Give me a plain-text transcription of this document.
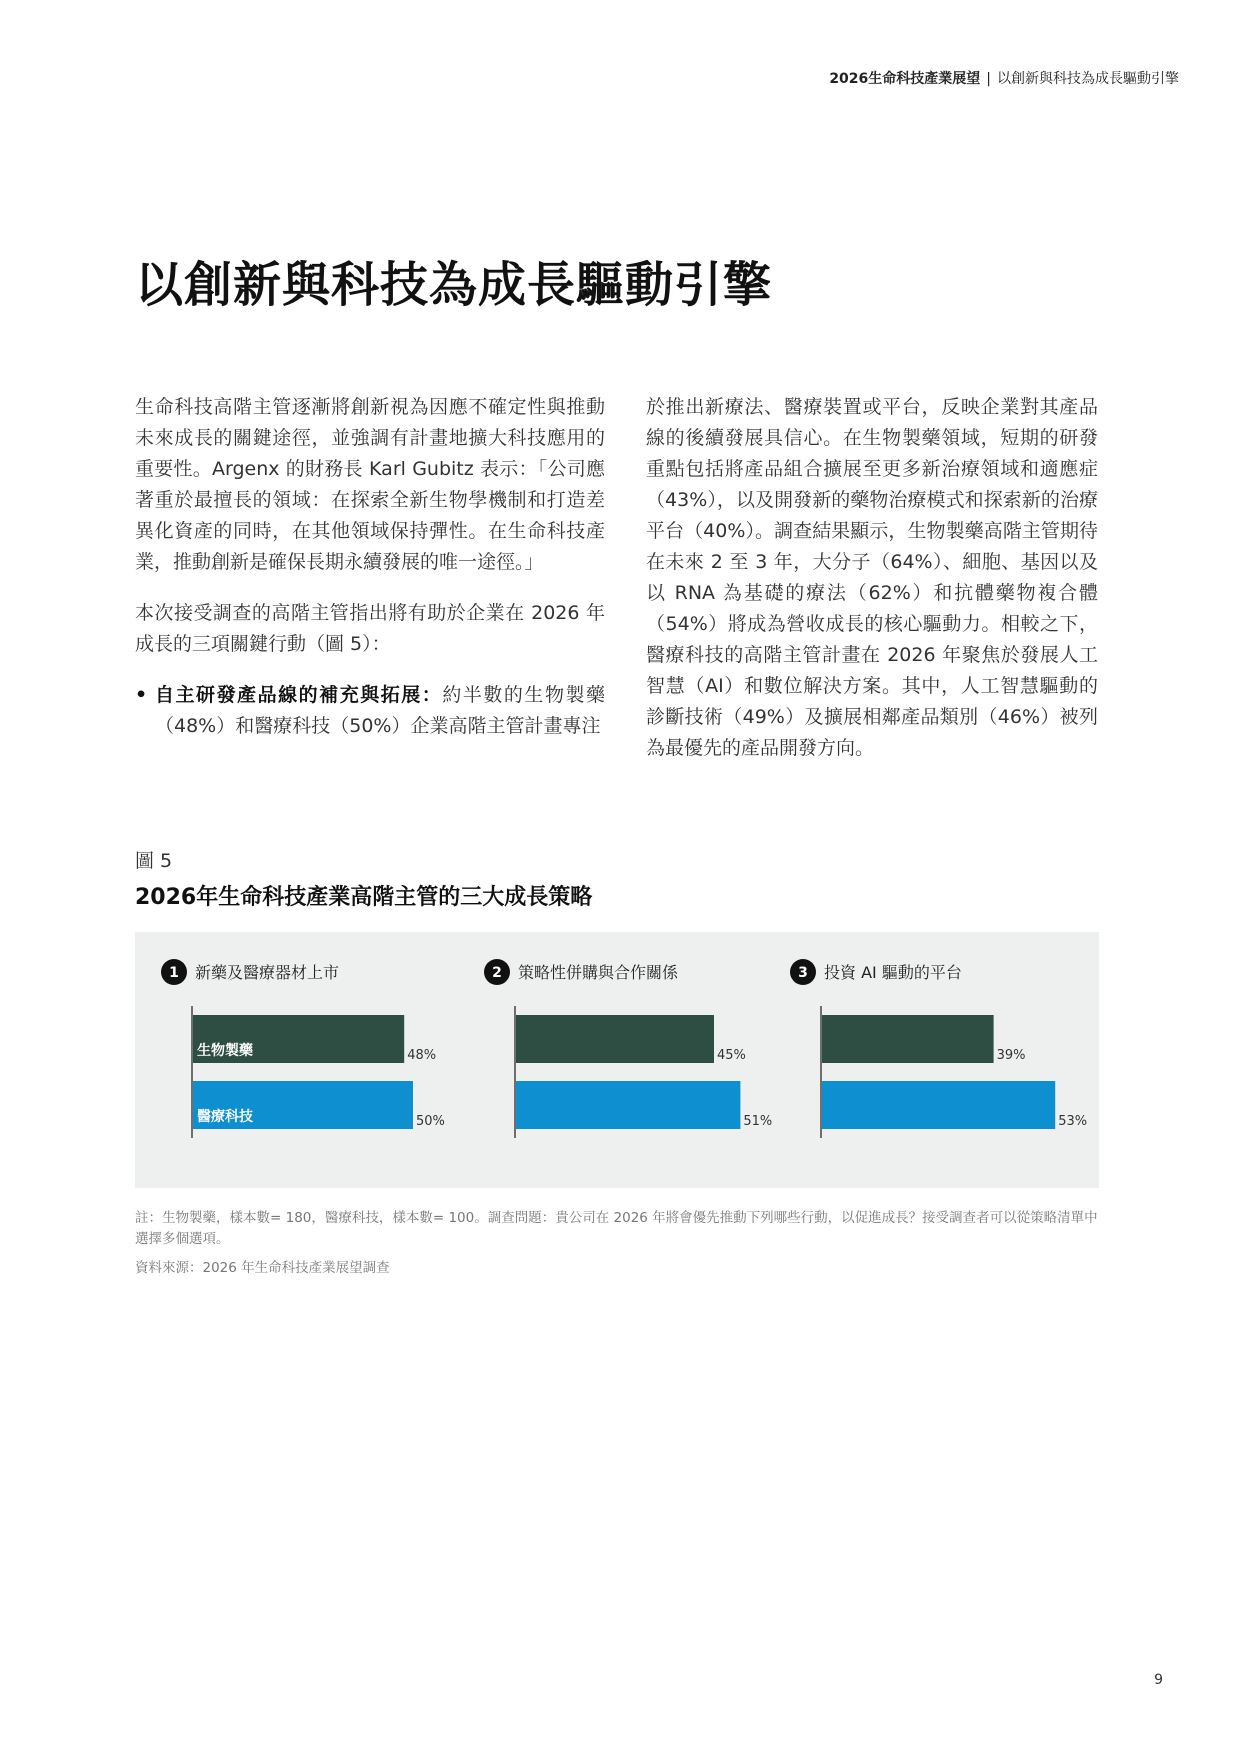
2026生命科技產業展望 | 以創新與科技為成長驅動引擎
以創新與科技為成長驅動引擎

生命科技高階主管逐漸將創新視為因應不確定性與推動未來成長的關鍵途徑，並強調有計畫地擴大科技應用的重要性。Argenx 的財務長 Karl Gubitz 表示：「公司應著重於最擅長的領域：在探索全新生物學機制和打造差異化資產的同時，在其他領域保持彈性。在生命科技產業，推動創新是確保長期永續發展的唯一途徑。」

本次接受調查的高階主管指出將有助於企業在 2026 年成長的三項關鍵行動（圖 5）：

• 自主研發產品線的補充與拓展：約半數的生物製藥（48%）和醫療科技（50%）企業高階主管計畫專注

於推出新療法、醫療裝置或平台，反映企業對其產品線的後續發展具信心。在生物製藥領域，短期的研發重點包括將產品組合擴展至更多新治療領域和適應症（43%），以及開發新的藥物治療模式和探索新的治療平台（40%）。調查結果顯示，生物製藥高階主管期待在未來 2 至 3 年，大分子（64%）、細胞、基因以及以 RNA 為基礎的療法（62%）和抗體藥物複合體（54%）將成為營收成長的核心驅動力。相較之下，醫療科技的高階主管計畫在 2026 年聚焦於發展人工智慧（AI）和數位解決方案。其中，人工智慧驅動的診斷技術（49%）及擴展相鄰產品類別（46%）被列為最優先的產品開發方向。

圖 5
2026年生命科技產業高階主管的三大成長策略
1 新藥及醫療器材上市
48%
生物製藥
50%
醫療科技
2 策略性併購與合作關係
45%
51%
3 投資 AI 驅動的平台
39%
53%
註：生物製藥，樣本數= 180，醫療科技，樣本數= 100。調查問題：貴公司在 2026 年將會優先推動下列哪些行動，以促進成長？接受調查者可以從策略清單中選擇多個選項。
資料來源：2026 年生命科技產業展望調查
9
